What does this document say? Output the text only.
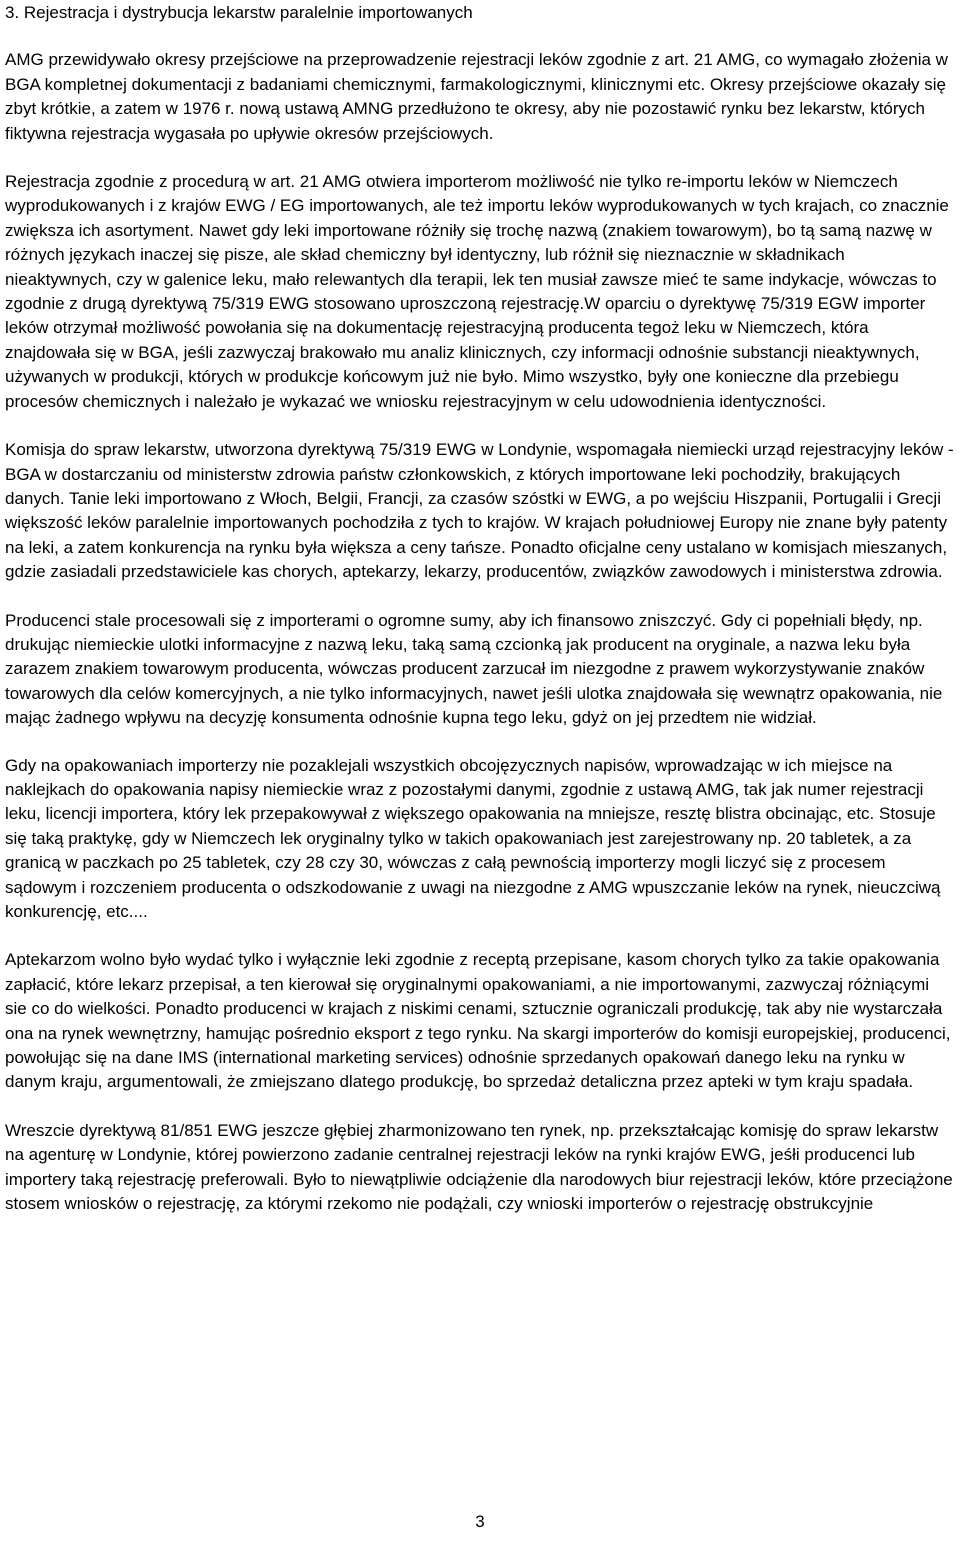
3. Rejestracja i dystrybucja lekarstw paralelnie importowanych

AMG przewidywało okresy przejściowe na przeprowadzenie rejestracji leków zgodnie z art. 21 AMG, co wymagało złożenia w BGA kompletnej dokumentacji z badaniami chemicznymi, farmakologicznymi, klinicznymi etc. Okresy przejściowe okazały się zbyt krótkie, a zatem w 1976 r. nową ustawą AMNG przedłużono te okresy, aby nie pozostawić rynku bez lekarstw, których fiktywna rejestracja wygasała po upływie okresów przejściowych.

Rejestracja zgodnie z procedurą w art. 21 AMG otwiera importerom możliwość nie tylko re-importu leków w Niemczech wyprodukowanych i z krajów EWG / EG importowanych, ale też importu leków wyprodukowanych w tych krajach, co znacznie zwiększa ich asortyment. Nawet gdy leki importowane różniły się trochę nazwą (znakiem towarowym), bo tą samą nazwę w różnych językach inaczej się pisze, ale skład chemiczny był identyczny, lub różnił się nieznacznie w składnikach nieaktywnych, czy w galenice leku, mało relewantych dla terapii, lek ten musiał zawsze mieć te same indykacje, wówczas to zgodnie z drugą dyrektywą 75/319 EWG stosowano uproszczoną rejestrację.W oparciu o dyrektywę 75/319 EGW importer leków otrzymał możliwość powołania się na dokumentację rejestracyjną producenta tegoż leku w Niemczech, która znajdowała się w BGA, jeśli zazwyczaj brakowało mu analiz klinicznych, czy informacji odnośnie substancji nieaktywnych, używanych w produkcji, których w produkcje końcowym już nie było. Mimo wszystko, były one konieczne dla przebiegu procesów chemicznych i należało je wykazać we wniosku rejestracyjnym w celu udowodnienia identyczności.

Komisja do spraw lekarstw, utworzona dyrektywą 75/319 EWG w Londynie, wspomagała niemiecki urząd rejestracyjny leków - BGA w dostarczaniu od ministerstw zdrowia państw członkowskich, z których importowane leki pochodziły, brakujących danych. Tanie leki importowano z Włoch, Belgii, Francji, za czasów szóstki w EWG, a po wejściu Hiszpanii, Portugalii i Grecji większość leków paralelnie importowanych pochodziła z tych to krajów. W krajach południowej Europy nie znane były patenty na leki, a zatem konkurencja na rynku była większa a ceny tańsze. Ponadto oficjalne ceny ustalano w komisjach mieszanych, gdzie zasiadali przedstawiciele kas chorych, aptekarzy, lekarzy, producentów, związków zawodowych i ministerstwa zdrowia.

Producenci stale procesowali się z importerami o ogromne sumy, aby ich finansowo zniszczyć. Gdy ci popełniali błędy, np. drukując niemieckie ulotki informacyjne z nazwą leku, taką samą czcionką jak producent na oryginale, a nazwa leku była zarazem znakiem towarowym producenta, wówczas producent zarzucał im niezgodne z prawem wykorzystywanie znaków towarowych dla celów komercyjnych, a nie tylko informacyjnych, nawet jeśli ulotka znajdowała się wewnątrz opakowania, nie mając żadnego wpływu na decyzję konsumenta odnośnie kupna tego leku, gdyż on jej przedtem nie widział.

Gdy na opakowaniach importerzy nie pozaklejali wszystkich obcojęzycznych napisów, wprowadzając w ich miejsce na naklejkach do opakowania napisy niemieckie wraz z pozostałymi danymi, zgodnie z ustawą AMG, tak jak numer rejestracji leku, licencji importera, który lek przepakowywał z większego opakowania na mniejsze, resztę blistra obcinając, etc. Stosuje się taką praktykę, gdy w Niemczech lek oryginalny tylko w takich opakowaniach jest zarejestrowany np. 20 tabletek, a za granicą w paczkach po 25 tabletek, czy 28 czy 30, wówczas z całą pewnością importerzy mogli liczyć się z procesem sądowym i rozczeniem producenta o odszkodowanie z uwagi na niezgodne z AMG wpuszczanie leków na rynek, nieuczciwą konkurencję, etc....

Aptekarzom wolno było wydać tylko i wyłącznie leki zgodnie z receptą przepisane, kasom chorych tylko za takie opakowania zapłacić, które lekarz przepisał, a ten kierował się oryginalnymi opakowaniami, a nie importowanymi, zazwyczaj różniącymi sie co do wielkości. Ponadto producenci w krajach z niskimi cenami, sztucznie ograniczali produkcję, tak aby nie wystarczała ona na rynek wewnętrzny, hamując pośrednio eksport z tego rynku. Na skargi importerów do komisji europejskiej, producenci, powołując się na dane IMS (international marketing services) odnośnie sprzedanych opakowań danego leku na rynku w danym kraju, argumentowali, że zmiejszano dlatego produkcję, bo sprzedaż detaliczna przez apteki w tym kraju spadała.

Wreszcie dyrektywą 81/851 EWG jeszcze głębiej zharmonizowano ten rynek, np. przekształcając komisję do spraw lekarstw na agenturę w Londynie, której powierzono zadanie centralnej rejestracji leków na rynki krajów EWG, jeśłi producenci lub importery taką rejestrację preferowali. Było to niewątpliwie odciążenie dla narodowych biur rejestracji leków, które przeciążone stosem wniosków o rejestrację, za którymi rzekomo nie podążali, czy wnioski importerów o rejestrację obstrukcyjnie

3
